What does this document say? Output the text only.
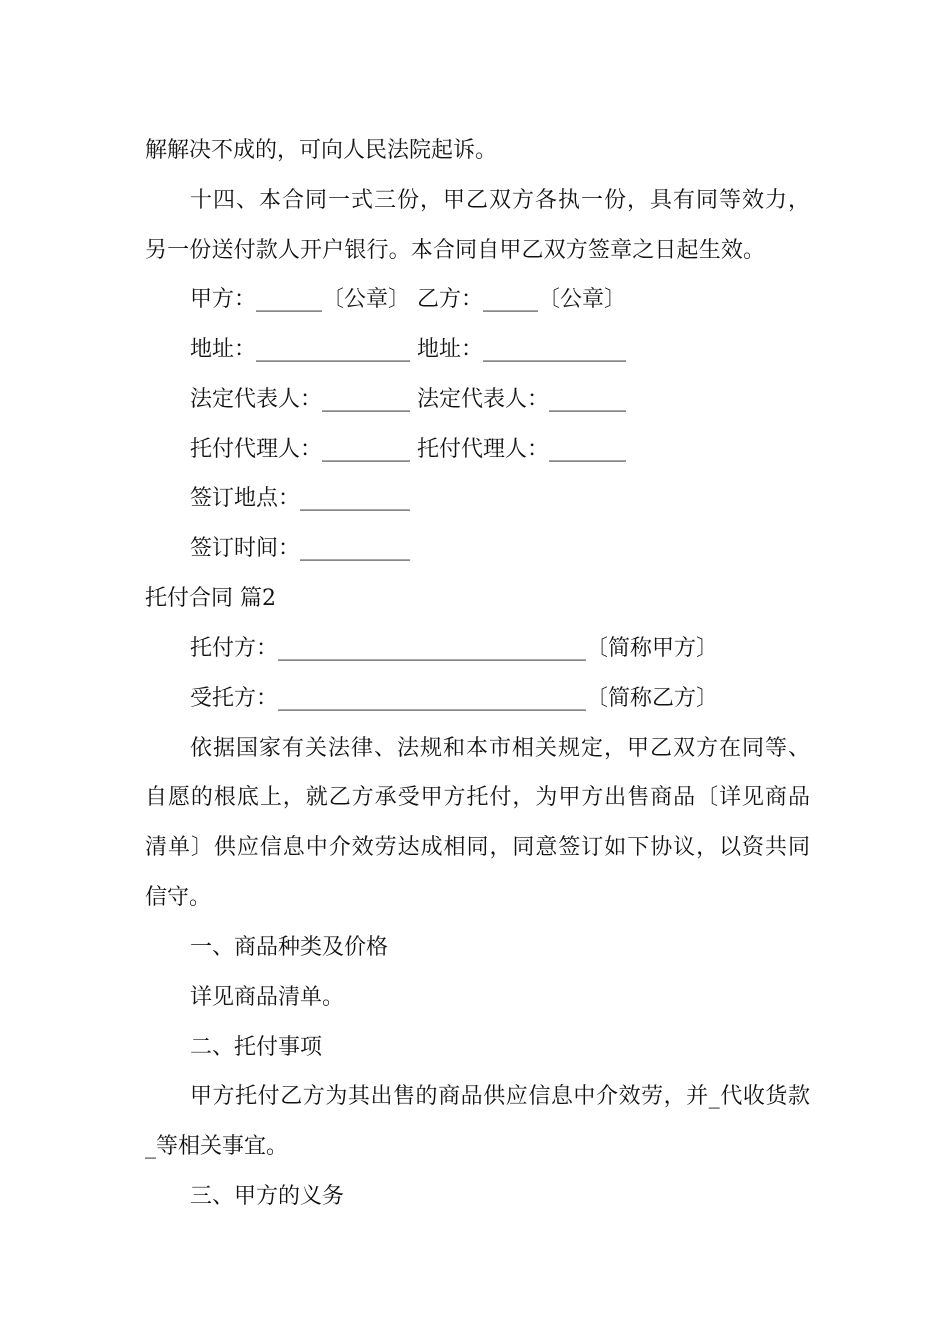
解解决不成的，可向人民法院起诉。
十四、本合同一式三份，甲乙双方各执一份，具有同等效力，
另一份送付款人开户银行。本合同自甲乙双方签章之日起生效。
甲方：______〔公章〕 乙方：_____〔公章〕
地址：______________ 地址：_____________
法定代表人：________ 法定代表人：_______
托付代理人：________ 托付代理人：_______
签订地点：__________
签订时间：__________
托付合同 篇2
托付方：____________________________〔简称甲方〕
受托方：____________________________〔简称乙方〕
依据国家有关法律、法规和本市相关规定，甲乙双方在同等、
自愿的根底上，就乙方承受甲方托付，为甲方出售商品〔详见商品
清单〕供应信息中介效劳达成相同，同意签订如下协议，以资共同
信守。
一、商品种类及价格
详见商品清单。
二、托付事项
甲方托付乙方为其出售的商品供应信息中介效劳，并_代收货款
_等相关事宜。
三、甲方的义务
